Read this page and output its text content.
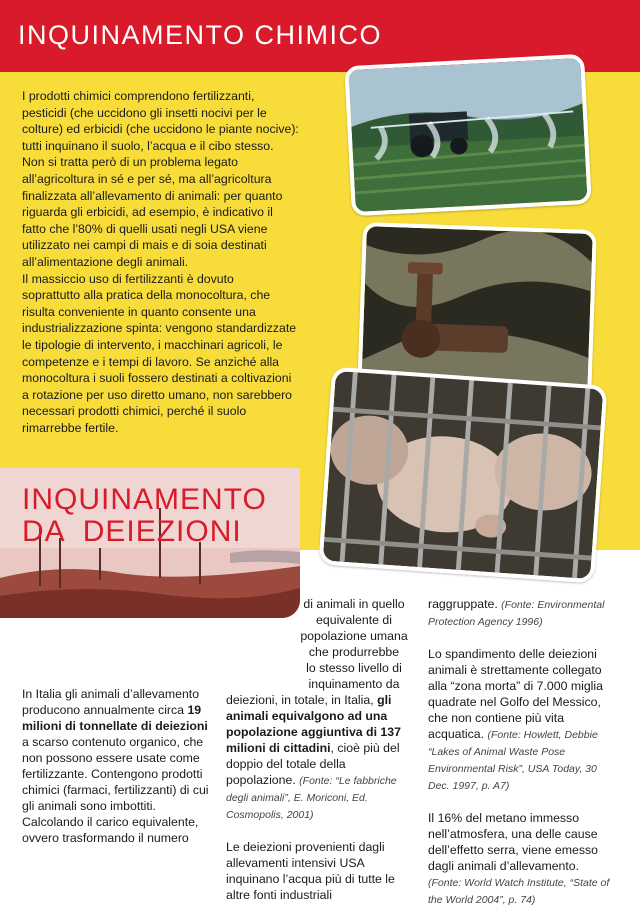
INQUINAMENTO CHIMICO
I prodotti chimici comprendono fertilizzanti,
pesticidi (che uccidono gli insetti nocivi per le
colture) ed erbicidi (che uccidono le piante nocive):
tutti inquinano il suolo, l’acqua e il cibo stesso.
Non si tratta però di un problema legato
all’agricoltura in sé e per sé, ma all’agricoltura
finalizzata all’allevamento di animali: per quanto
riguarda gli erbicidi, ad esempio, è indicativo il
fatto che l’80% di quelli usati negli USA viene
utilizzato nei campi di mais e di soia destinati
all’alimentazione degli animali.
Il massiccio uso di fertilizzanti è dovuto
soprattutto alla pratica della monocoltura, che
risulta conveniente in quanto consente una
industrializzazione spinta: vengono standardizzate
le tipologie di intervento, i macchinari agricoli, le
competenze e i tempi di lavoro. Se anziché alla
monocoltura i suoli fossero destinati a coltivazioni
a rotazione per uso diretto umano, non sarebbero
necessari prodotti chimici, perché il suolo
rimarrebbe fertile.
INQUINAMENTO
DA  DEIEZIONI

In Italia gli animali d’allevamento producono annualmente circa 19 milioni di tonnellate di deiezioni a scarso contenuto organico, che non possono essere usate come fertilizzante. Contengono prodotti chimici (farmaci, fertilizzanti) di cui gli animali sono imbottiti.

Calcolando il carico equivalente, ovvero trasformando il numero

di animali in quello
equivalente di
popolazione umana
che produrrebbe
lo stesso livello di
inquinamento da

deiezioni, in totale, in Italia, gli animali equivalgono ad una popolazione aggiuntiva di 137 milioni di cittadini, cioè più del doppio del totale della popolazione. (Fonte: “Le fabbriche degli animali”, E. Moriconi, Ed. Cosmopolis, 2001)

Le deiezioni provenienti dagli allevamenti intensivi USA inquinano l’acqua più di tutte le altre fonti industriali

raggruppate. (Fonte: Environmental Protection Agency 1996)

Lo spandimento delle deiezioni animali è strettamente collegato alla “zona morta” di 7.000 miglia quadrate nel Golfo del Messico, che non contiene più vita acquatica. (Fonte: Howlett, Debbie “Lakes of Animal Waste Pose Environmental Risk”, USA Today, 30 Dec. 1997, p. A7)

Il 16% del metano immesso nell’atmosfera, una delle cause dell’effetto serra, viene emesso dagli animali d’allevamento. (Fonte: World Watch Institute, “State of the World 2004”, p. 74)
